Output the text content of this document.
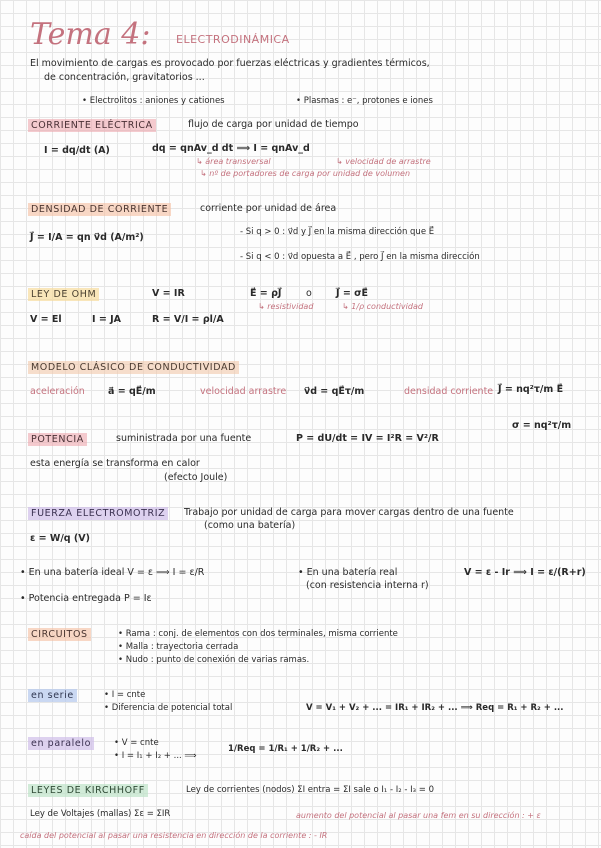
Tema 4: ELECTRODINÁMICA
El movimiento de cargas es provocado por fuerzas eléctricas y gradientes térmicos,
de concentración, gravitatorios ...
• Electrolitos : aniones y cationes	• Plasmas : e⁻, protones e iones
CORRIENTE ELÉCTRICA	flujo de carga por unidad de tiempo
I = dq/dt (A)	dq = qnAv_d dt ⟹ I = qnAv_d
↳ área transversal	↳ velocidad de arrastre
↳ nº de portadores de carga por unidad de volumen
DENSIDAD DE CORRIENTE	corriente por unidad de área
J⃗ = I/A = qn v⃗d (A/m²)	- Si q > 0 : v⃗d y J⃗ en la misma dirección que E⃗
- Si q < 0 : v⃗d opuesta a E⃗ , pero J⃗ en la misma dirección
LEY DE OHM	V = IR	E⃗ = ρJ⃗	o	J⃗ = σE⃗
↳ resistividad	↳ 1/ρ conductividad
V = El	I = JA	R = V/I = ρl/A
MODELO CLÁSICO DE CONDUCTIVIDAD
aceleración a⃗ = qE⃗/m	velocidad arrastre v⃗d = qE⃗τ/m	densidad corriente J⃗ = nq²τ/m E⃗
σ = nq²τ/m
POTENCIA	suministrada por una fuente	P = dU/dt = IV = I²R = V²/R
esta energía se transforma en calor
(efecto Joule)
FUERZA ELECTROMOTRIZ	Trabajo por unidad de carga para mover cargas dentro de una fuente
(como una batería)
ε = W/q (V)
• En una batería ideal V = ε ⟹ I = ε/R	• En una batería real
(con resistencia interna r)
V = ε - Ir ⟹ I = ε/(R+r)
• Potencia entregada P = Iε
CIRCUITOS	• Rama : conj. de elementos con dos terminales, misma corriente
• Malla : trayectoria cerrada
• Nudo : punto de conexión de varias ramas.
en serie	• I = cnte
• Diferencia de potencial total	V = V₁ + V₂ + ... = IR₁ + IR₂ + ... ⟹ Req = R₁ + R₂ + ...
en paralelo	• V = cnte
• I = I₁ + I₂ + ... ⟹
1/Req = 1/R₁ + 1/R₂ + ...
LEYES DE KIRCHHOFF	Ley de corrientes (nodos) ΣI entra = ΣI sale o I₁ - I₂ - I₃ = 0
Ley de Voltajes (mallas) Σε = ΣIR	aumento del potencial al pasar una fem en su dirección : + ε
caída del potencial al pasar una resistencia en dirección de la corriente : - IR
